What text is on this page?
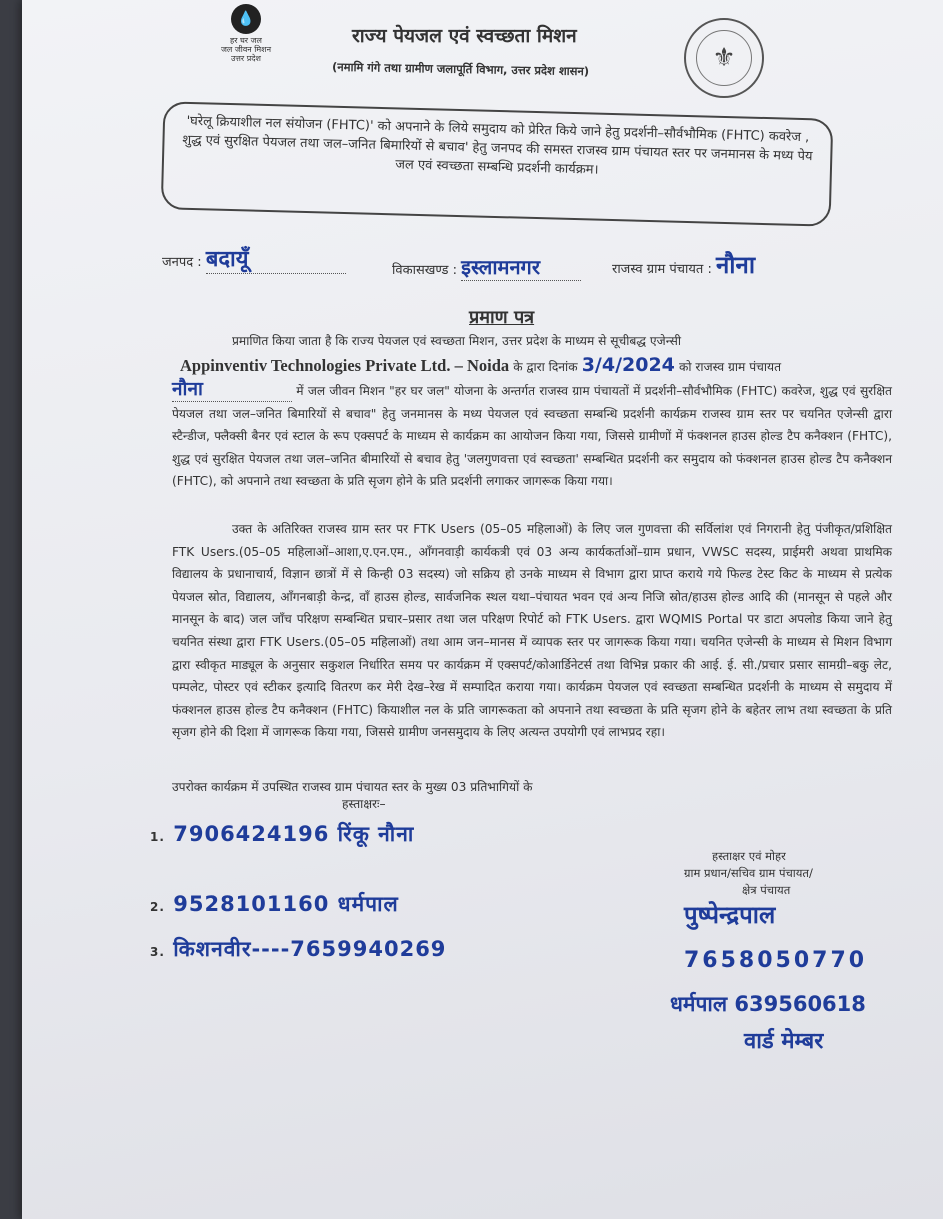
💧
हर घर जल
जल जीवन मिशन
उत्तर प्रदेश
राज्य पेयजल एवं स्वच्छता मिशन
(नमामि गंगे तथा ग्रामीण जलापूर्ति विभाग, उत्तर प्रदेश शासन)	⚜
'घरेलू क्रियाशील नल संयोजन (FHTC)' को अपनाने के लिये समुदाय को प्रेरित किये जाने हेतु प्रदर्शनी–सौर्वभौमिक (FHTC) कवरेज , शुद्ध एवं सुरक्षित पेयजल तथा जल–जनित बिमारियों से बचाव' हेतु जनपद की समस्त राजस्व ग्राम पंचायत स्तर पर जनमानस के मध्य पेय जल एवं स्वच्छता सम्बन्धि प्रदर्शनी कार्यक्रम।
जनपद : बदायूँ	विकासखण्ड : इस्लामनगर	राजस्व ग्राम पंचायत : नौना
प्रमाण पत्र
प्रमाणित किया जाता है कि राज्य पेयजल एवं स्वच्छता मिशन, उत्तर प्रदेश के माध्यम से सूचीबद्ध एजेन्सी
Appinventiv Technologies Private Ltd. – Noida के द्वारा दिनांक 3/4/2024 को राजस्व ग्राम पंचायत
नौना	में जल जीवन मिशन "हर घर जल" योजना के अन्तर्गत राजस्व ग्राम पंचायतों में प्रदर्शनी–सौर्वभौमिक (FHTC) कवरेज, शुद्ध एवं सुरक्षित पेयजल तथा जल–जनित बिमारियों से बचाव" हेतु जनमानस के मध्य पेयजल एवं स्वच्छता सम्बन्धि प्रदर्शनी कार्यक्रम राजस्व ग्राम स्तर पर चयनित एजेन्सी द्वारा स्टैन्डीज, फ्लैक्सी बैनर एवं स्टाल के रूप एक्सपर्ट के माध्यम से कार्यक्रम का आयोजन किया गया, जिससे ग्रामीणों में फंक्शनल हाउस होल्ड टैप कनैक्शन (FHTC), शुद्ध एवं सुरक्षित पेयजल तथा जल–जनित बीमारियों से बचाव हेतु 'जलगुणवत्ता एवं स्वच्छता' सम्बन्धित प्रदर्शनी कर समुदाय को फंक्शनल हाउस होल्ड टैप कनैक्शन (FHTC), को अपनाने तथा स्वच्छता के प्रति सृजग होने के प्रति प्रदर्शनी लगाकर जागरूक किया गया।
उक्त के अतिरिक्त राजस्व ग्राम स्तर पर FTK Users (05–05 महिलाओं) के लिए जल गुणवत्ता की सर्विलांश एवं निगरानी हेतु पंजीकृत/प्रशिक्षित FTK Users.(05–05 महिलाओं–आशा,ए.एन.एम., आँगनवाड़ी कार्यकत्री एवं 03 अन्य कार्यकर्ताओं–ग्राम प्रधान, VWSC सदस्य, प्राईमरी अथवा प्राथमिक विद्यालय के प्रधानाचार्य, विज्ञान छात्रों में से किन्ही 03 सदस्य) जो सक्रिय हो उनके माध्यम से विभाग द्वारा प्राप्त कराये गये फिल्ड टेस्ट किट के माध्यम से प्रत्येक पेयजल स्रोत, विद्यालय, आँगनबाड़ी केन्द्र, वाँ हाउस होल्ड, सार्वजनिक स्थल यथा–पंचायत भवन एवं अन्य निजि स्रोत/हाउस होल्ड आदि की (मानसून से पहले और मानसून के बाद) जल जाँच परिक्षण सम्बन्धित प्रचार–प्रसार तथा जल परिक्षण रिपोर्ट को FTK Users. द्वारा WQMIS Portal पर डाटा अपलोड किया जाने हेतु चयनित संस्था द्वारा FTK Users.(05–05 महिलाओं) तथा आम जन–मानस में व्यापक स्तर पर जागरूक किया गया। चयनित एजेन्सी के माध्यम से मिशन विभाग द्वारा स्वीकृत माड्यूल के अनुसार सकुशल निर्धारित समय पर कार्यक्रम में एक्सपर्ट/कोआर्डिनेटर्स तथा विभिन्न प्रकार की आई. ई. सी./प्रचार प्रसार सामग्री–बकु लेट, पम्पलेट, पोस्टर एवं स्टीकर इत्यादि वितरण कर मेरी देख–रेख में सम्पादित कराया गया। कार्यक्रम पेयजल एवं स्वच्छता सम्बन्धित प्रदर्शनी के माध्यम से समुदाय में फंक्शनल हाउस होल्ड टैप कनैक्शन (FHTC) कियाशील नल के प्रति जागरूकता को अपनाने तथा स्वच्छता के प्रति सृजग होने के बहेतर लाभ तथा स्वच्छता के प्रति सृजग होने की दिशा में जागरूक किया गया, जिससे ग्रामीण जनसमुदाय के लिए अत्यन्त उपयोगी एवं लाभप्रद रहा।
उपरोक्त कार्यक्रम में उपस्थित राजस्व ग्राम पंचायत स्तर के मुख्य 03 प्रतिभागियों के
हस्ताक्षरः–
1. 7906424196 रिंकू नौना
2. 9528101160 धर्मपाल
3. किशनवीर----7659940269
हस्ताक्षर एवं मोहर
ग्राम प्रधान/सचिव ग्राम पंचायत/
क्षेत्र पंचायत
पुष्पेन्द्रपाल
7658050770
धर्मपाल 639560618
वार्ड मेम्बर
